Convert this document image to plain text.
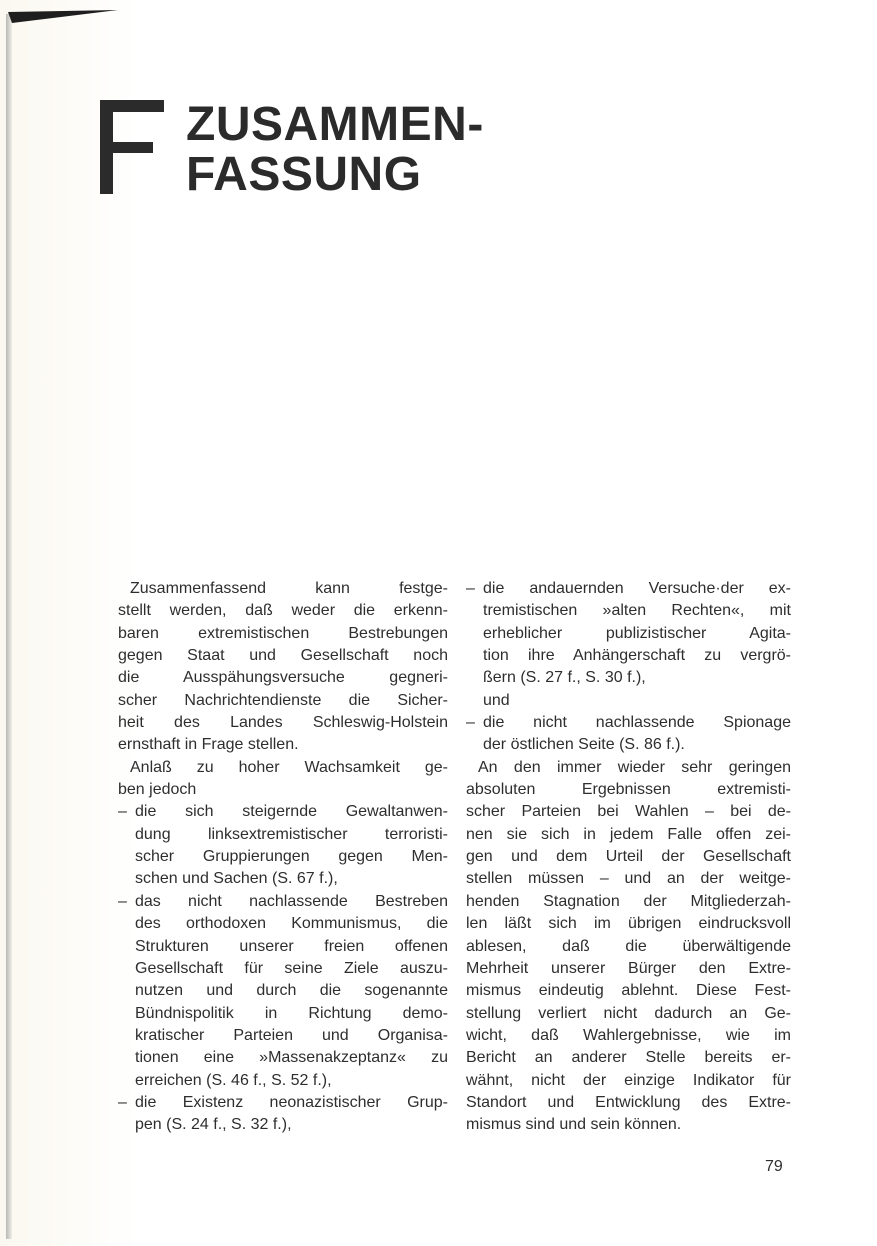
ZUSAMMEN-
FASSUNG
Zusammenfassend kann festge-
stellt werden, daß weder die erkenn-
baren extremistischen Bestrebungen
gegen Staat und Gesellschaft noch
die Ausspähungsversuche gegneri-
scher Nachrichtendienste die Sicher-
heit des Landes Schleswig-Holstein
ernsthaft in Frage stellen.
Anlaß zu hoher Wachsamkeit ge-
ben jedoch
– die sich steigernde Gewaltanwen-
dung linksextremistischer terroristi-
scher Gruppierungen gegen Men-
schen und Sachen (S. 67 f.),
– das nicht nachlassende Bestreben
des orthodoxen Kommunismus, die
Strukturen unserer freien offenen
Gesellschaft für seine Ziele auszu-
nutzen und durch die sogenannte
Bündnispolitik in Richtung demo-
kratischer Parteien und Organisa-
tionen eine »Massenakzeptanz« zu
erreichen (S. 46 f., S. 52 f.),
– die Existenz neonazistischer Grup-
pen (S. 24 f., S. 32 f.),
– die andauernden Versuche·der ex-
tremistischen »alten Rechten«, mit
erheblicher publizistischer Agita-
tion ihre Anhängerschaft zu vergrö-
ßern (S. 27 f., S. 30 f.),
und
– die nicht nachlassende Spionage
der östlichen Seite (S. 86 f.).
An den immer wieder sehr geringen
absoluten Ergebnissen extremisti-
scher Parteien bei Wahlen – bei de-
nen sie sich in jedem Falle offen zei-
gen und dem Urteil der Gesellschaft
stellen müssen – und an der weitge-
henden Stagnation der Mitgliederzah-
len läßt sich im übrigen eindrucksvoll
ablesen, daß die überwältigende
Mehrheit unserer Bürger den Extre-
mismus eindeutig ablehnt. Diese Fest-
stellung verliert nicht dadurch an Ge-
wicht, daß Wahlergebnisse, wie im
Bericht an anderer Stelle bereits er-
wähnt, nicht der einzige Indikator für
Standort und Entwicklung des Extre-
mismus sind und sein können.
79
